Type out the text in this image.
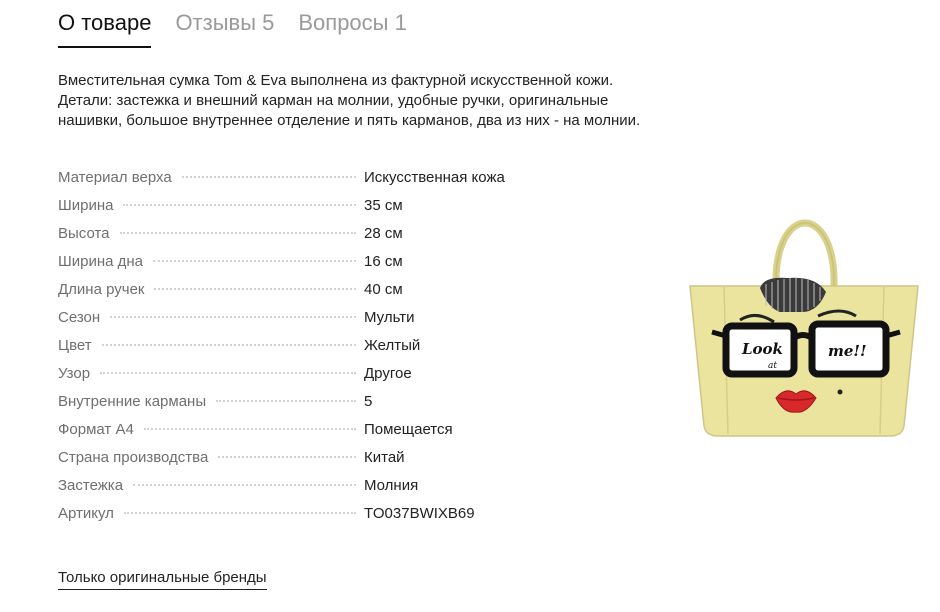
О товаре Отзывы 5 Вопросы 1

Вместительная сумка Tom & Eva выполнена из фактурной искусственной кожи. Детали: застежка и внешний карман на молнии, удобные ручки, оригинальные нашивки, большое внутреннее отделение и пять карманов, два из них - на молнии.

Материал верха	Искусственная кожа
Ширина	35 см
Высота	28 см
Ширина дна	16 см
Длина ручек	40 см
Сезон	Мульти
Цвет	Желтый
Узор	Другое
Внутренние карманы	5
Формат A4	Помещается
Страна производства	Китай
Застежка	Молния
Артикул	TO037BWIXB69
Только оригинальные бренды
Look
at
me!!
